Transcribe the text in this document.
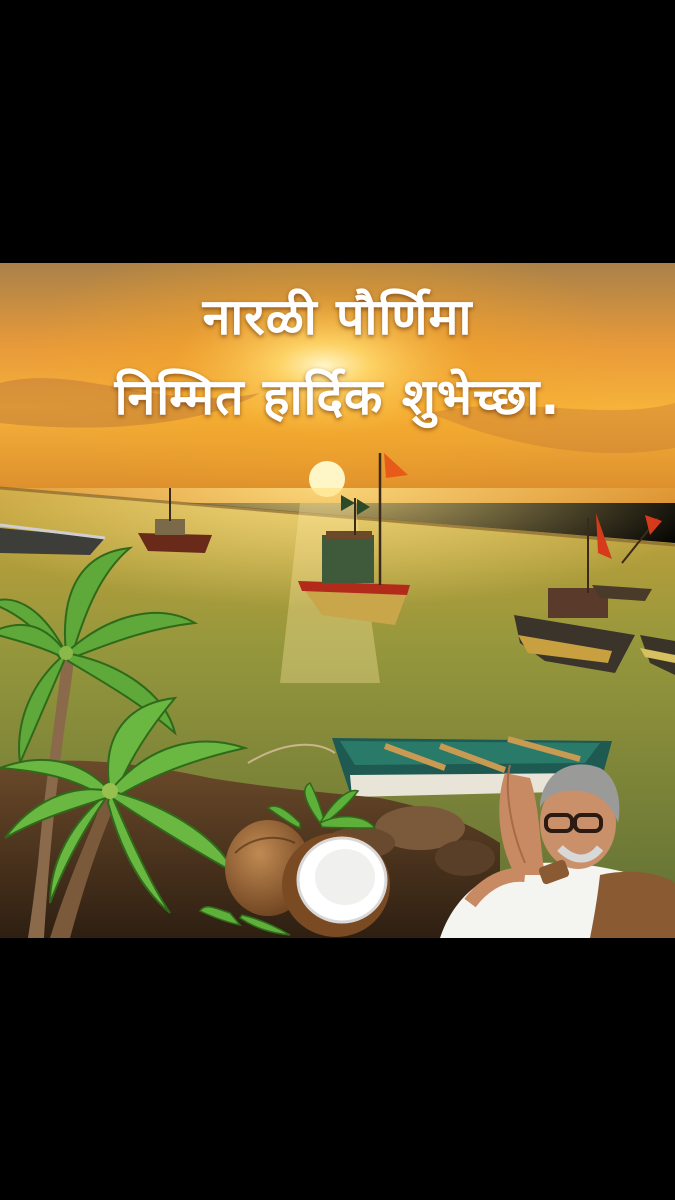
नारळी पौर्णिमा
निम्मित हार्दिक शुभेच्छा.
